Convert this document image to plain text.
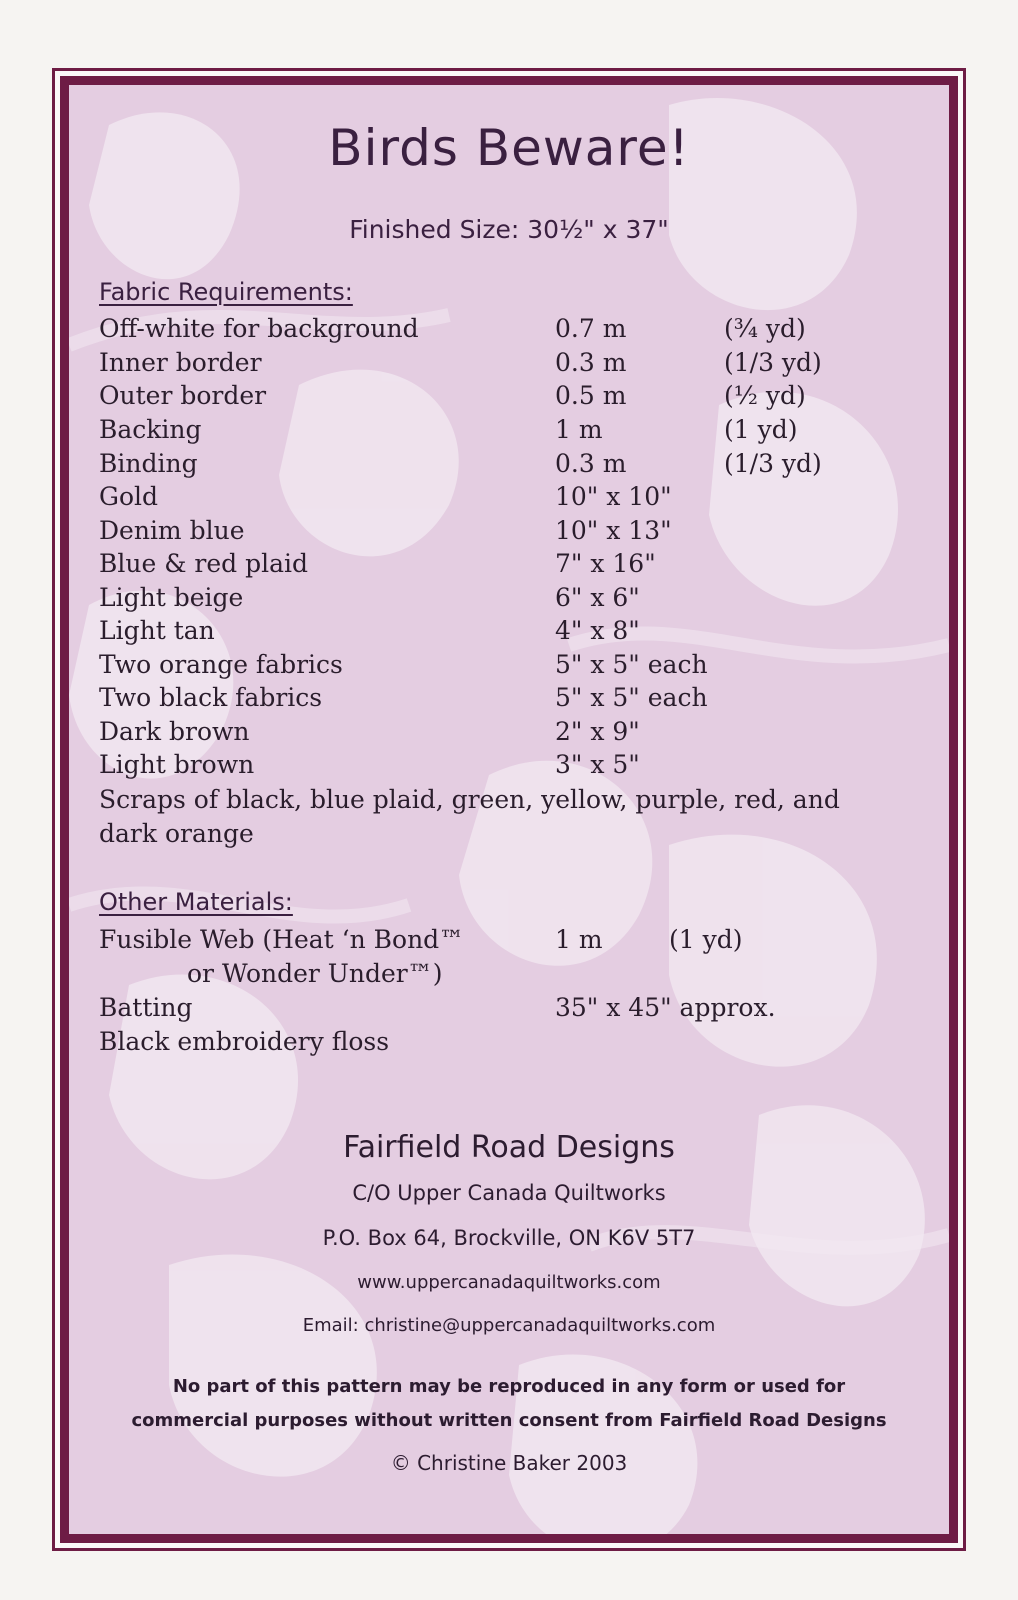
Birds Beware!
Finished Size: 30½" x 37"
Fabric Requirements:
Off-white for background	0.7 m	(¾ yd)
Inner border	0.3 m	(1/3 yd)
Outer border	0.5 m	(½ yd)
Backing	1 m	(1 yd)
Binding	0.3 m	(1/3 yd)
Gold	10" x 10"
Denim blue	10" x 13"
Blue & red plaid	7" x 16"
Light beige	6" x 6"
Light tan	4" x 8"
Two orange fabrics	5" x 5" each
Two black fabrics	5" x 5" each
Dark brown	2" x 9"
Light brown	3" x 5"
Scraps of black, blue plaid, green, yellow, purple, red, and
dark orange
Other Materials:
Fusible Web (Heat ‘n Bond™	1 m	(1 yd)
or Wonder Under™)
Batting	35" x 45" approx.
Black embroidery floss
Fairfield Road Designs
C/O Upper Canada Quiltworks
P.O. Box 64, Brockville, ON K6V 5T7
www.uppercanadaquiltworks.com
Email: christine@uppercanadaquiltworks.com
No part of this pattern may be reproduced in any form or used for commercial purposes without written consent from Fairfield Road Designs
© Christine Baker 2003
